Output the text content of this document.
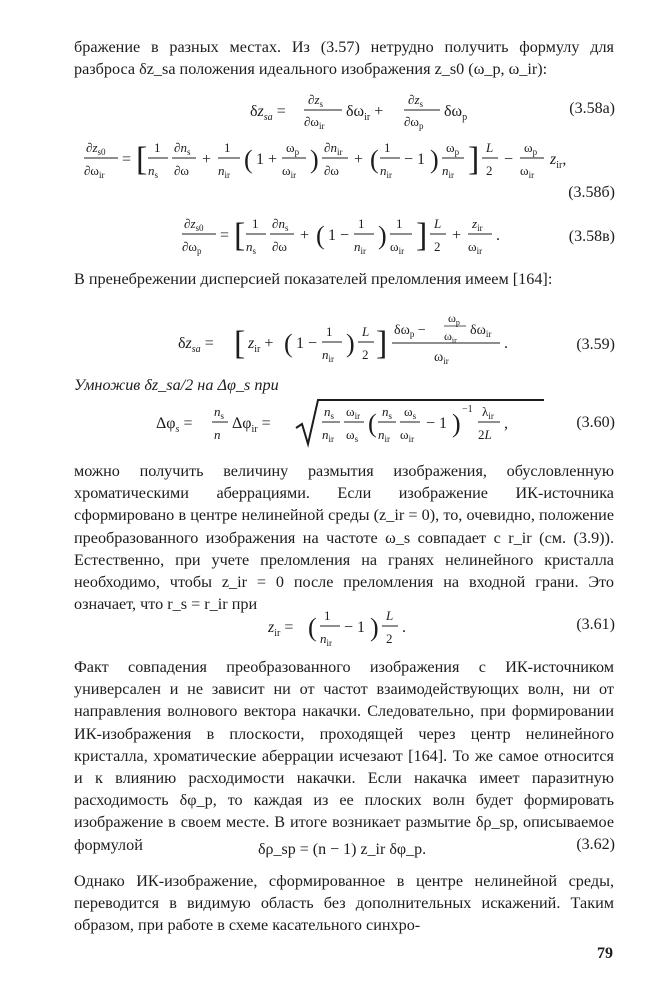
бражение в разных местах. Из (3.57) нетрудно получить формулу для разброса δz_sa положения идеального изображения z_s0 (ω_p, ω_ir):

$\delta z_{sa}$ =
$\partial z_s$
$\partial\omega_{ir}$
$\delta\omega_{ir}$ +
$\partial z_s$
$\partial\omega_p$
$\delta\omega_p$
(3.58а)
$\partial z_{s0}$
$\partial\omega_{ir}$
= [ 1
$n_s$
$\partial n_s$
∂ω
+
1
$n_{ir}$
( 1 +
$\omega_p$
$\omega_{ir}$
) $\partial n_{ir}$
∂ω
+ ( 1
$n_{ir}$
− 1 ) $\omega_p$
$n_{ir}$ ] L
2
−
$\omega_p$
$\omega_{ir}$
$z_{ir}$,
(3.58б)
$\partial z_{s0}$
$\partial\omega_p$
= [ 1
$n_s$
$\partial n_s$
∂ω
+ ( 1 −
1
$n_{ir}$
) 1
$\omega_{ir}$ ] L
2
+
$z_{ir}$
$\omega_{ir}$
.	(3.58в)

В пренебрежении дисперсией показателей преломления имеем [164]:

$\delta z_{sa}$ = [ $z_{ir}$ + ( 1 −
1
$n_{ir}$
) L
2 ] $\delta\omega_p$ −
$\omega_p$
$\omega_{ir}$
$\delta\omega_{ir}$
$\omega_{ir}$
.	(3.59)

Умножив δz_sa/2 на Δφ_s при

$\Delta\varphi_s$ =
$n_s$
n
$\Delta\varphi_{ir}$ =
$n_s$
$n_{ir}$
$\omega_{ir}$
$\omega_s$
( $n_s$
$n_{ir}$
$\omega_s$
$\omega_{ir}$
− 1 ) −1 $\lambda_{ir}$
2L
,	(3.60)

можно получить величину размытия изображения, обусловленную хроматическими аберрациями. Если изображение ИК-источника сформировано в центре нелинейной среды (z_ir = 0), то, очевидно, положение преобразованного изображения на частоте ω_s совпадает с r_ir (см. (3.9)). Естественно, при учете преломления на гранях нелинейного кристалла необходимо, чтобы z_ir = 0 после преломления на входной грани. Это означает, что r_s = r_ir при

$z_{ir}$ = ( 1
$n_{ir}$
− 1 ) L
2
.	(3.61)

Факт совпадения преобразованного изображения с ИК-источником универсален и не зависит ни от частот взаимодействующих волн, ни от направления волнового вектора накачки. Следовательно, при формировании ИК-изображения в плоскости, проходящей через центр нелинейного кристалла, хроматические аберрации исчезают [164]. То же самое относится и к влиянию расходимости накачки. Если накачка имеет паразитную расходимость δφ_p, то каждая из ее плоских волн будет формировать изображение в своем месте. В итоге возникает размытие δρ_sp, описываемое формулой	δρ_sp = (n − 1) z_ir δφ_p.	(3.62)

Однако ИК-изображение, сформированное в центре нелинейной среды, переводится в видимую область без дополнительных искажений. Таким образом, при работе в схеме касательного синхро-

79
